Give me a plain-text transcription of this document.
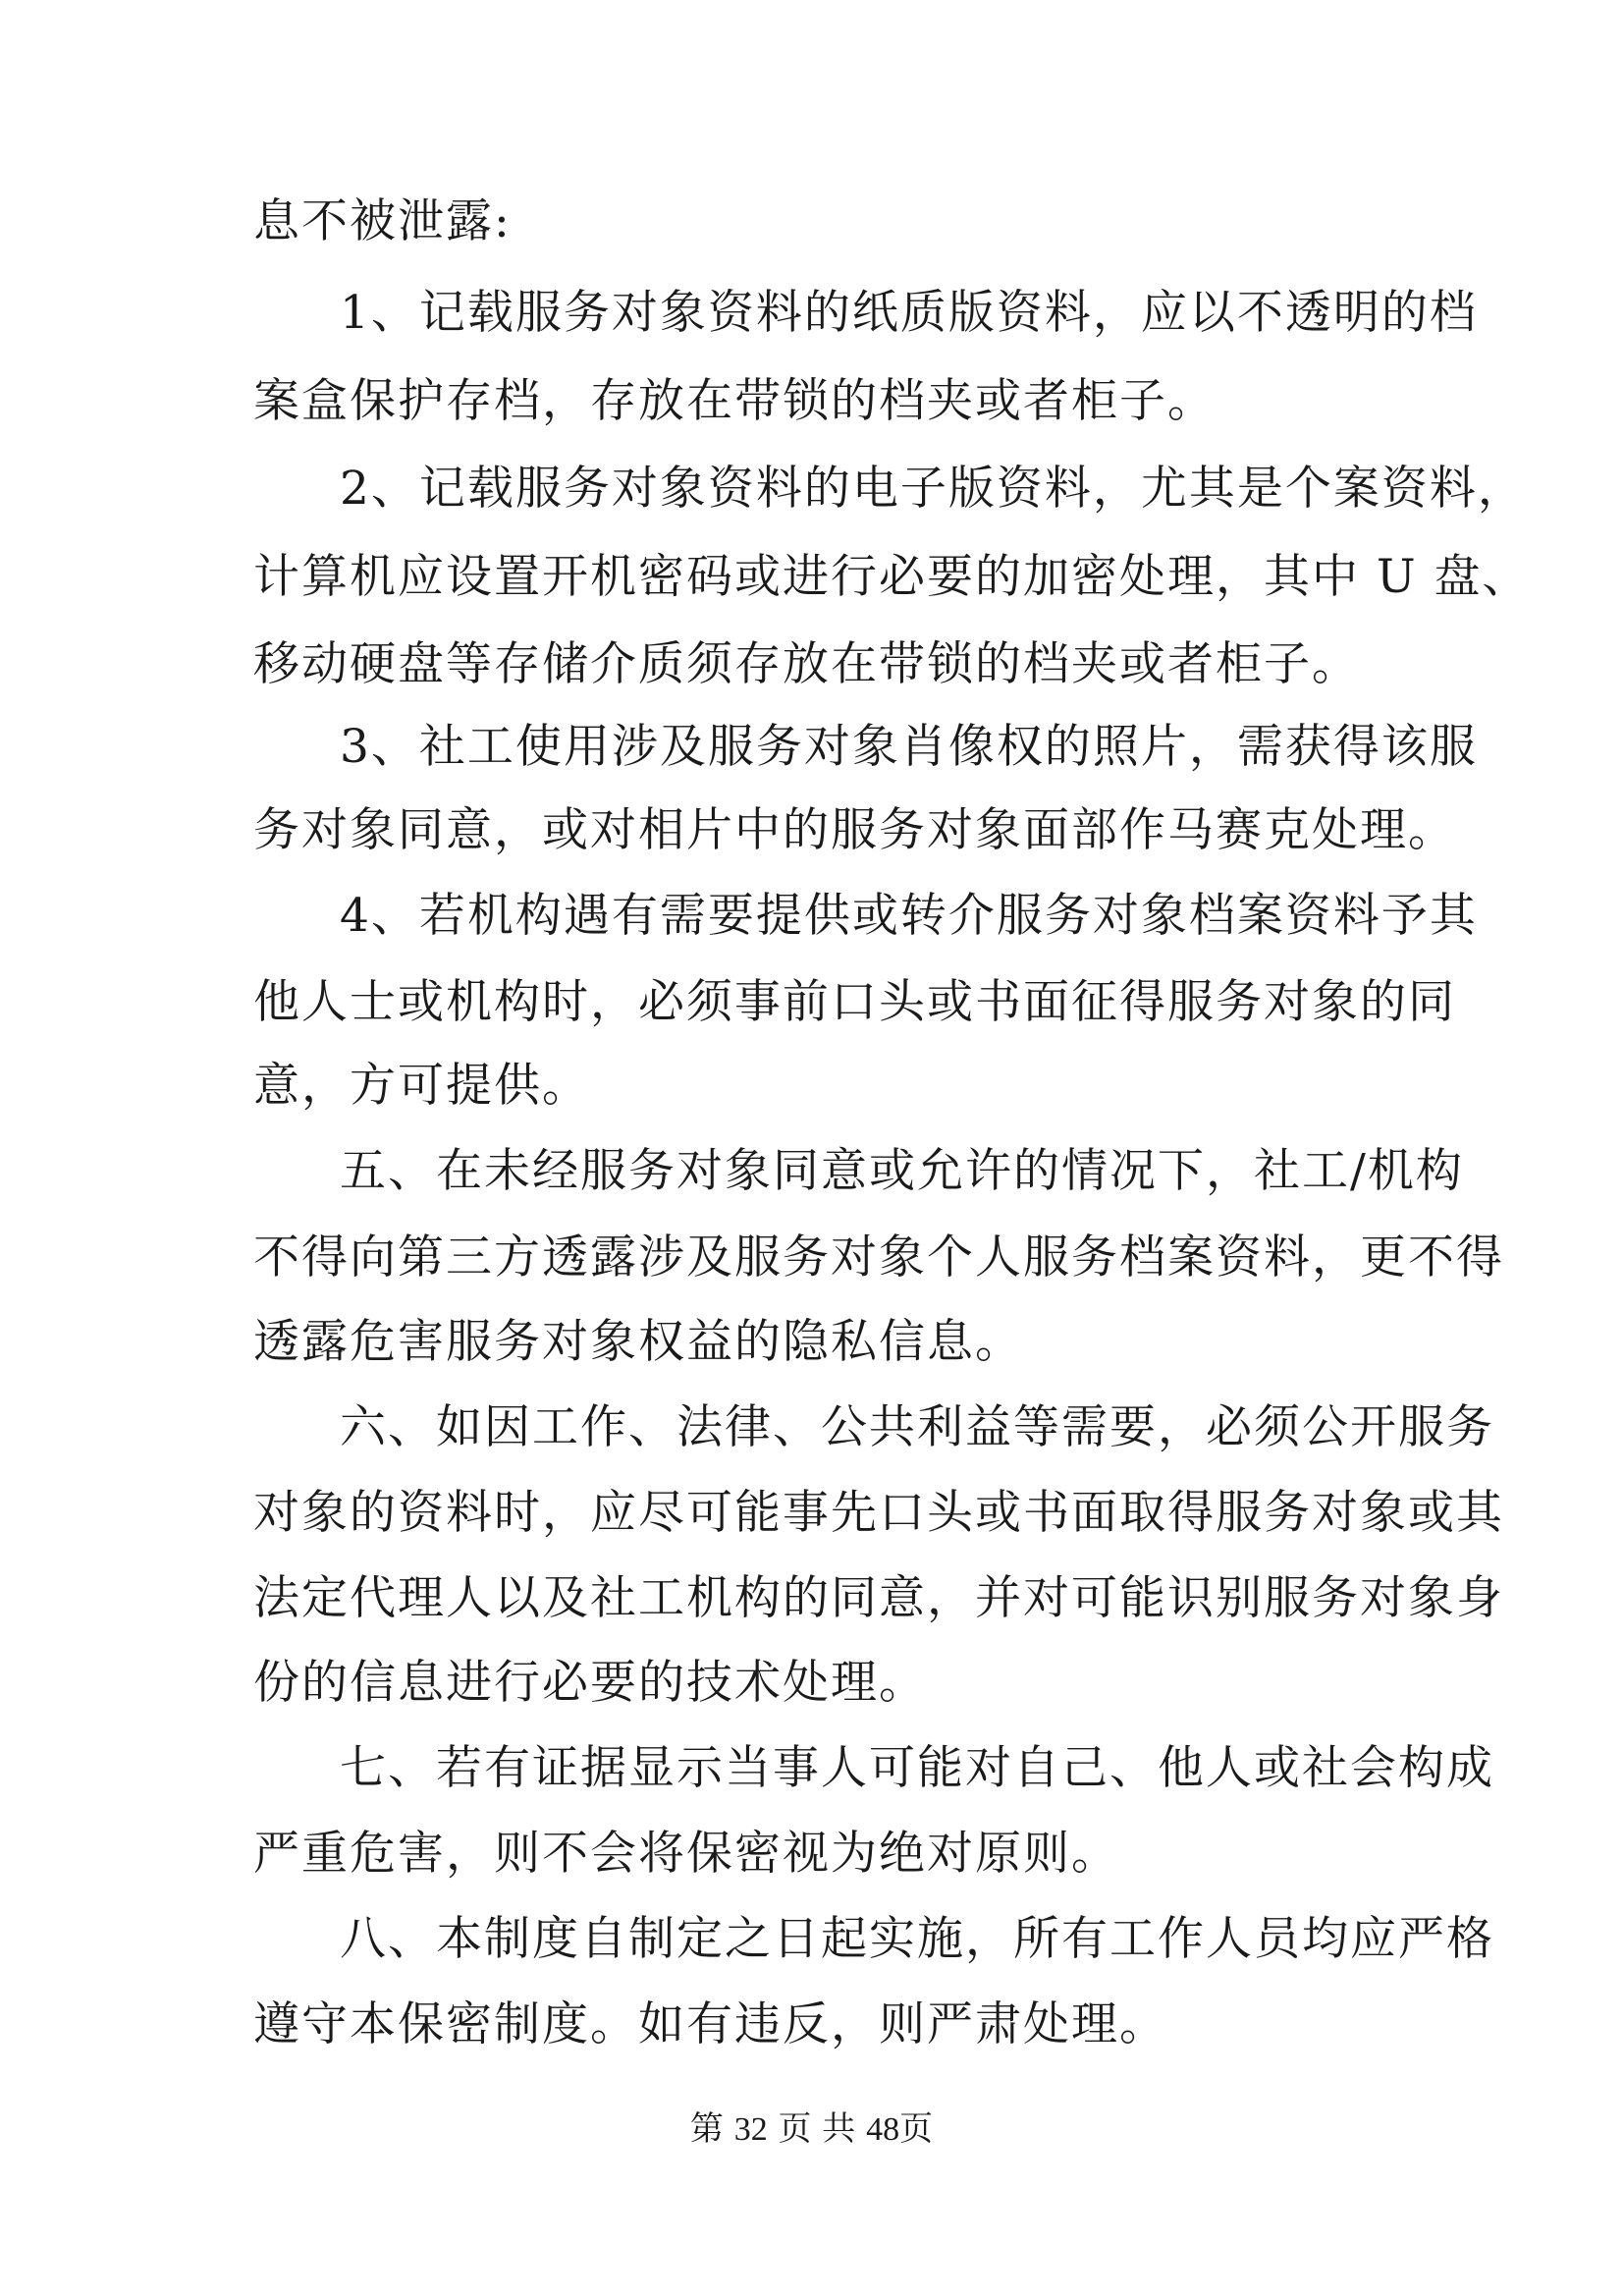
息不被泄露:
1、记载服务对象资料的纸质版资料，应以不透明的档
案盒保护存档，存放在带锁的档夹或者柜子。
2、记载服务对象资料的电子版资料，尤其是个案资料，
计算机应设置开机密码或进行必要的加密处理，其中 U 盘、
移动硬盘等存储介质须存放在带锁的档夹或者柜子。
3、社工使用涉及服务对象肖像权的照片，需获得该服
务对象同意，或对相片中的服务对象面部作马赛克处理。
4、若机构遇有需要提供或转介服务对象档案资料予其
他人士或机构时，必须事前口头或书面征得服务对象的同
意，方可提供。
五、在未经服务对象同意或允许的情况下，社工/机构
不得向第三方透露涉及服务对象个人服务档案资料，更不得
透露危害服务对象权益的隐私信息。
六、如因工作、法律、公共利益等需要，必须公开服务
对象的资料时，应尽可能事先口头或书面取得服务对象或其
法定代理人以及社工机构的同意，并对可能识别服务对象身
份的信息进行必要的技术处理。
七、若有证据显示当事人可能对自己、他人或社会构成
严重危害，则不会将保密视为绝对原则。
八、本制度自制定之日起实施，所有工作人员均应严格
遵守本保密制度。如有违反，则严肃处理。
第 32 页 共 48页
